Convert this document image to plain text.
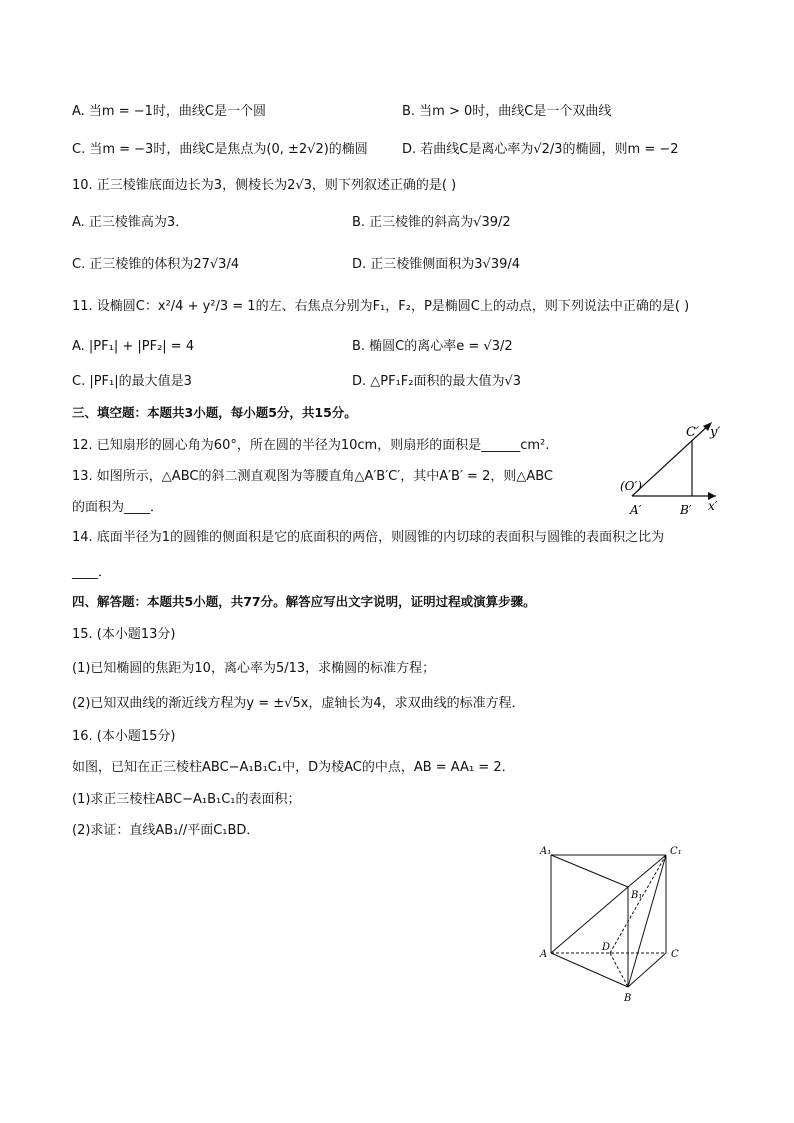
A. 当m = −1时，曲线C是一个圆	B. 当m > 0时，曲线C是一个双曲线
C. 当m = −3时，曲线C是焦点为(0, ±2√2)的椭圆	D. 若曲线C是离心率为√2/3的椭圆，则m = −2
10. 正三棱锥底面边长为3，侧棱长为2√3，则下列叙述正确的是( )
A. 正三棱锥高为3．	B. 正三棱锥的斜高为√39/2
C. 正三棱锥的体积为27√3/4	D. 正三棱锥侧面积为3√39/4
11. 设椭圆C：x²/4 + y²/3 = 1的左、右焦点分别为F₁，F₂，P是椭圆C上的动点，则下列说法中正确的是( )
A. |PF₁| + |PF₂| = 4	B. 椭圆C的离心率e = √3/2
C. |PF₁|的最大值是3	D. △PF₁F₂面积的最大值为√3
三、填空题：本题共3小题，每小题5分，共15分。
12. 已知扇形的圆心角为60°，所在圆的半径为10cm，则扇形的面积是______cm².
13. 如图所示，△ABC的斜二测直观图为等腰直角△A′B′C′，其中A′B′ = 2，则△ABC
的面积为____．
C′ y′
(O′)
A′	B′ x′
14. 底面半径为1的圆锥的侧面积是它的底面积的两倍，则圆锥的内切球的表面积与圆锥的表面积之比为
____．
四、解答题：本题共5小题，共77分。解答应写出文字说明，证明过程或演算步骤。
15. (本小题13分)
(1)已知椭圆的焦距为10，离心率为5/13，求椭圆的标准方程；
(2)已知双曲线的渐近线方程为y = ±√5x，虚轴长为4，求双曲线的标准方程．
16. (本小题15分)
如图，已知在正三棱柱ABC−A₁B₁C₁中，D为棱AC的中点，AB = AA₁ = 2．
(1)求正三棱柱ABC−A₁B₁C₁的表面积；
(2)求证：直线AB₁//平面C₁BD．
A₁	C₁
B₁
A
D
C
B
